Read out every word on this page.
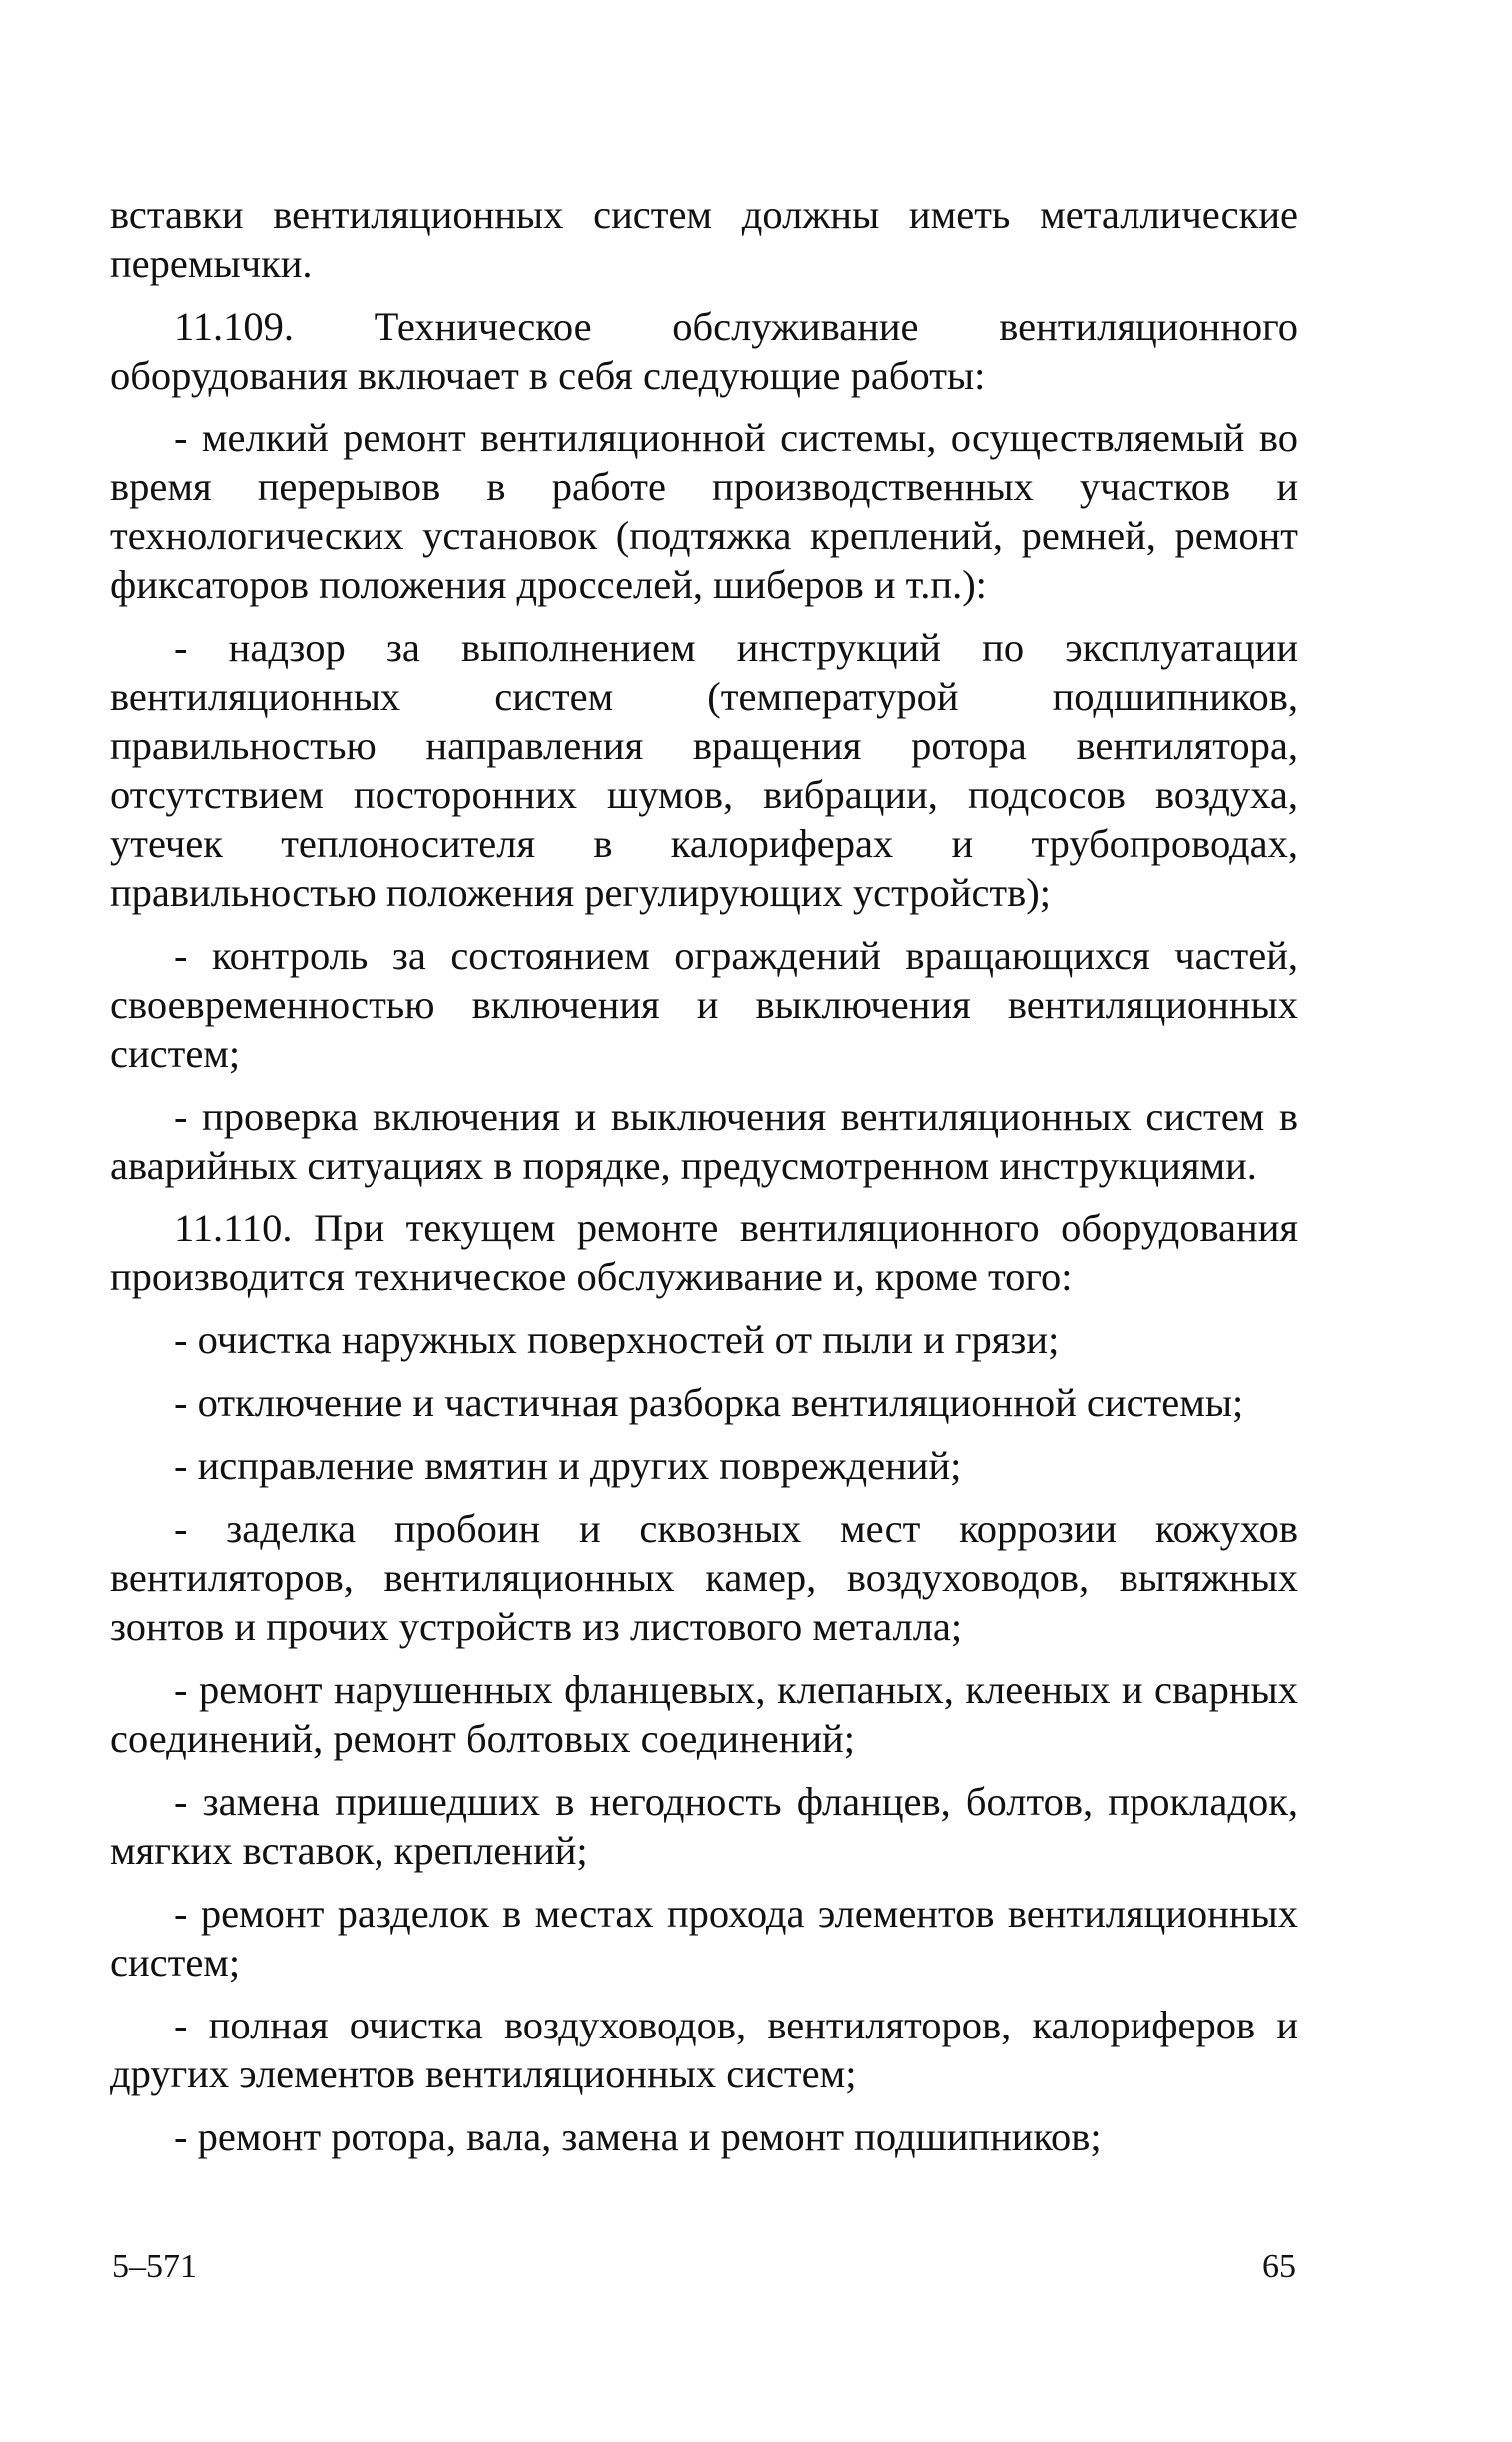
вставки вентиляционных систем должны иметь металлические перемычки.

11.109. Техническое обслуживание вентиляционного оборудования включает в себя следующие работы:

- мелкий ремонт вентиляционной системы, осуществляемый во время перерывов в работе производственных участков и технологических установок (подтяжка креплений, ремней, ремонт фиксаторов положения дросселей, шиберов и т.п.):

- надзор за выполнением инструкций по эксплуатации вентиляционных систем (температурой подшипников, правильностью направления вращения ротора вентилятора, отсутствием посторонних шумов, вибрации, подсосов воздуха, утечек теплоносителя в калориферах и трубопроводах, правильностью положения регулирующих устройств);

- контроль за состоянием ограждений вращающихся частей, своевременностью включения и выключения вентиляционных систем;

- проверка включения и выключения вентиляционных систем в аварийных ситуациях в порядке, предусмотренном инструкциями.

11.110. При текущем ремонте вентиляционного оборудования производится техническое обслуживание и, кроме того:

- очистка наружных поверхностей от пыли и грязи;

- отключение и частичная разборка вентиляционной системы;

- исправление вмятин и других повреждений;

- заделка пробоин и сквозных мест коррозии кожухов вентиляторов, вентиляционных камер, воздуховодов, вытяжных зонтов и прочих устройств из листового металла;

- ремонт нарушенных фланцевых, клепаных, клееных и сварных соединений, ремонт болтовых соединений;

- замена пришедших в негодность фланцев, болтов, прокладок, мягких вставок, креплений;

- ремонт разделок в местах прохода элементов вентиляционных систем;

- полная очистка воздуховодов, вентиляторов, калориферов и других элементов вентиляционных систем;

- ремонт ротора, вала, замена и ремонт подшипников;

5–571	65
